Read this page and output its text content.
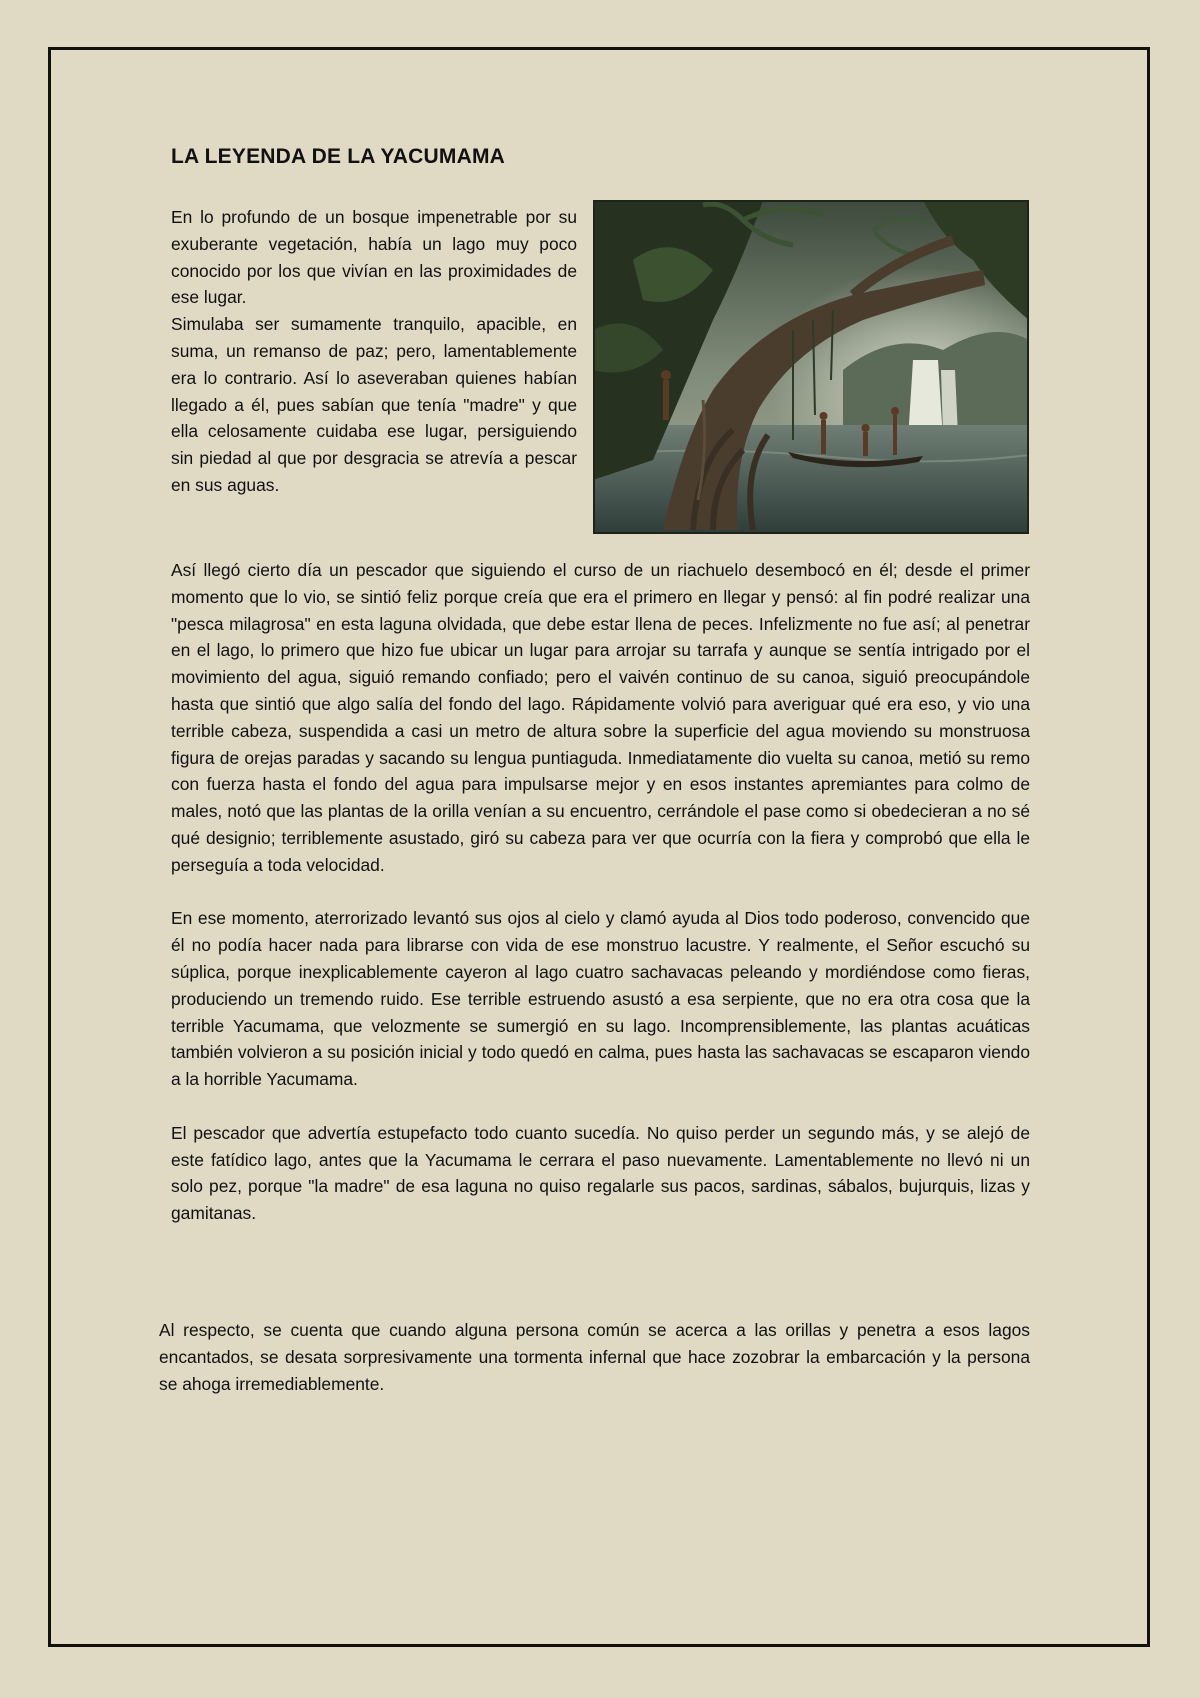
LA LEYENDA DE LA YACUMAMA

En lo profundo de un bosque impenetrable por su exuberante vegetación, había un lago muy poco conocido por los que vivían en las proximidades de ese lugar.

Simulaba ser sumamente tranquilo, apacible, en suma, un remanso de paz; pero, lamentablemente era lo contrario. Así lo aseveraban quienes habían llegado a él, pues sabían que tenía "madre" y que ella celosamente cuidaba ese lugar, persiguiendo sin piedad al que por desgracia se atrevía a pescar en sus aguas.

Así llegó cierto día un pescador que siguiendo el curso de un riachuelo desembocó en él; desde el primer momento que lo vio, se sintió feliz porque creía que era el primero en llegar y pensó: al fin podré realizar una "pesca milagrosa" en esta laguna olvidada, que debe estar llena de peces. Infelizmente no fue así; al penetrar en el lago, lo primero que hizo fue ubicar un lugar para arrojar su tarrafa y aunque se sentía intrigado por el movimiento del agua, siguió remando confiado; pero el vaivén continuo de su canoa, siguió preocupándole hasta que sintió que algo salía del fondo del lago. Rápidamente volvió para averiguar qué era eso, y vio una terrible cabeza, suspendida a casi un metro de altura sobre la superficie del agua moviendo su monstruosa figura de orejas paradas y sacando su lengua puntiaguda. Inmediatamente dio vuelta su canoa, metió su remo con fuerza hasta el fondo del agua para impulsarse mejor y en esos instantes apremiantes para colmo de males, notó que las plantas de la orilla venían a su encuentro, cerrándole el pase como si obedecieran a no sé qué designio; terriblemente asustado, giró su cabeza para ver que ocurría con la fiera y comprobó que ella le perseguía a toda velocidad.

En ese momento, aterrorizado levantó sus ojos al cielo y clamó ayuda al Dios todo poderoso, convencido que él no podía hacer nada para librarse con vida de ese monstruo lacustre. Y realmente, el Señor escuchó su súplica, porque inexplicablemente cayeron al lago cuatro sachavacas peleando y mordiéndose como fieras, produciendo un tremendo ruido. Ese terrible estruendo asustó a esa serpiente, que no era otra cosa que la terrible Yacumama, que velozmente se sumergió en su lago. Incomprensiblemente, las plantas acuáticas también volvieron a su posición inicial y todo quedó en calma, pues hasta las sachavacas se escaparon viendo a la horrible Yacumama.

El pescador que advertía estupefacto todo cuanto sucedía. No quiso perder un segundo más, y se alejó de este fatídico lago, antes que la Yacumama le cerrara el paso nuevamente. Lamentablemente no llevó ni un solo pez, porque "la madre" de esa laguna no quiso regalarle sus pacos, sardinas, sábalos, bujurquis, lizas y gamitanas.

Al respecto, se cuenta que cuando alguna persona común se acerca a las orillas y penetra a esos lagos encantados, se desata sorpresivamente una tormenta infernal que hace zozobrar la embarcación y la persona se ahoga irremediablemente.
